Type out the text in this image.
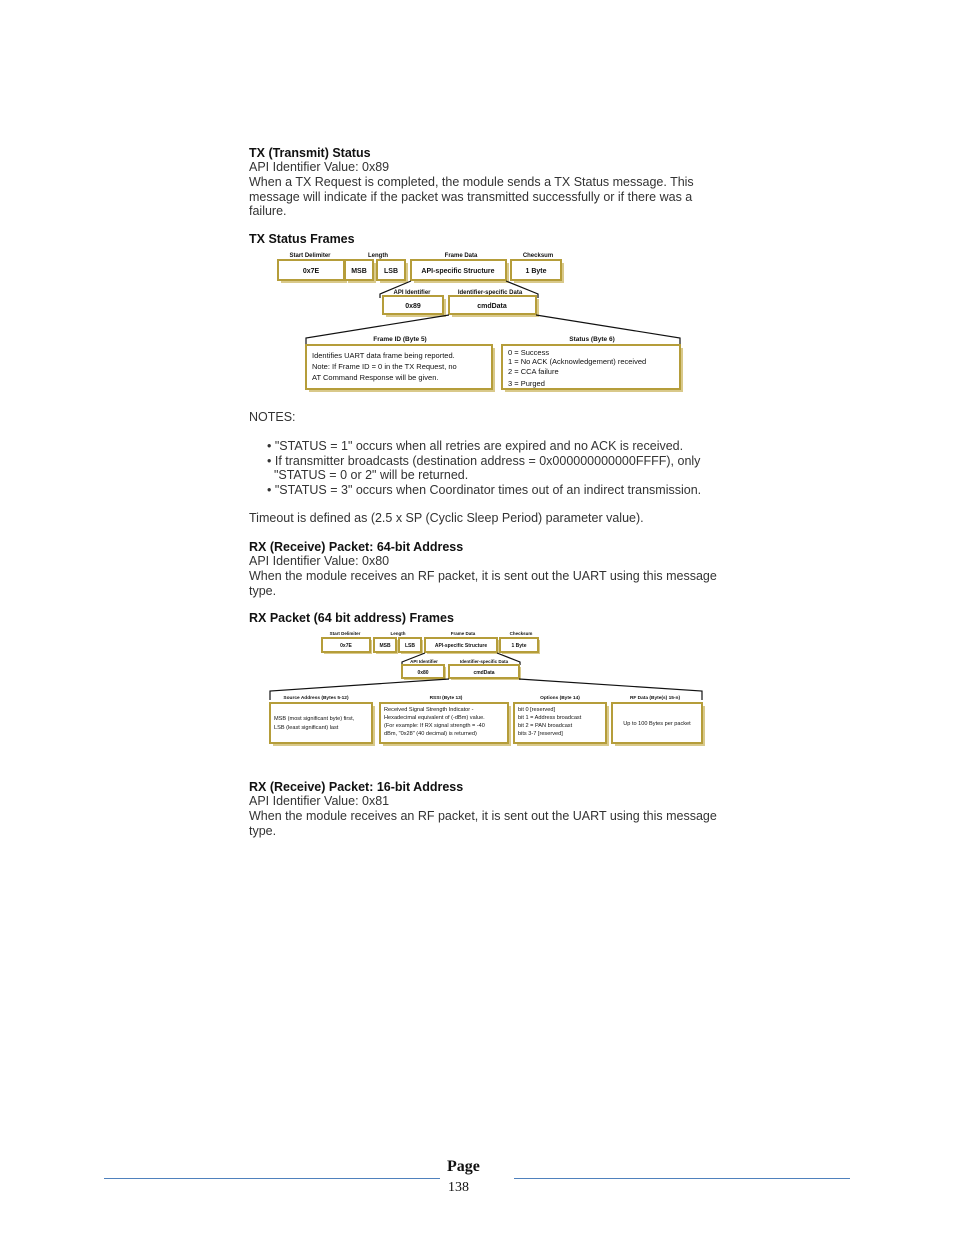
TX (Transmit) Status
API Identifier Value: 0x89
When a TX Request is completed, the module sends a TX Status message. This message will indicate if the packet was transmitted successfully or if there was a failure.
TX Status Frames
Start Delimiter	Length	Frame Data	Checksum
0x7E	MSB LSB	API-specific Structure	1 Byte
API Identifier	Identifier-specific Data
0x89	cmdData
Frame ID (Byte 5)	Status (Byte 6)
Identifies UART data frame being reported.
Note: If Frame ID = 0 in the TX Request, no
AT Command Response will be given.
0 = Success
1 = No ACK (Acknowledgement) received
2 = CCA failure
3 = Purged
NOTES:
• "STATUS = 1" occurs when all retries are expired and no ACK is received.
• If transmitter broadcasts (destination address = 0x000000000000FFFF), only
"STATUS = 0 or 2" will be returned.
• "STATUS = 3" occurs when Coordinator times out of an indirect transmission.
Timeout is defined as (2.5 x SP (Cyclic Sleep Period) parameter value).
RX (Receive) Packet: 64-bit Address
API Identifier Value: 0x80
When the module receives an RF packet, it is sent out the UART using this message type.
RX Packet (64 bit address) Frames
Start Delimiter	Length	Frame Data	Checksum
0x7E	MSB	LSB	API-specific Structure	1 Byte
API Identifier	Identifier-specific Data
0x80	cmdData
Source Address (Bytes 5-12)	RSSI (Byte 13)	Options (Byte 14)	RF Data (Byte(s) 15-n)
MSB (most significant byte) first,
LSB (least significant) last
Received Signal Strength Indicator -
Hexadecimal equivalent of (-dBm) value.
(For example: If RX signal strength = -40
dBm, "0x28" (40 decimal) is returned)
bit 0 [reserved]
bit 1 = Address broadcast
bit 2 = PAN broadcast
bits 3-7 [reserved]
Up to 100 Bytes per packet
RX (Receive) Packet: 16-bit Address
API Identifier Value: 0x81
When the module receives an RF packet, it is sent out the UART using this message type.
Page
138
